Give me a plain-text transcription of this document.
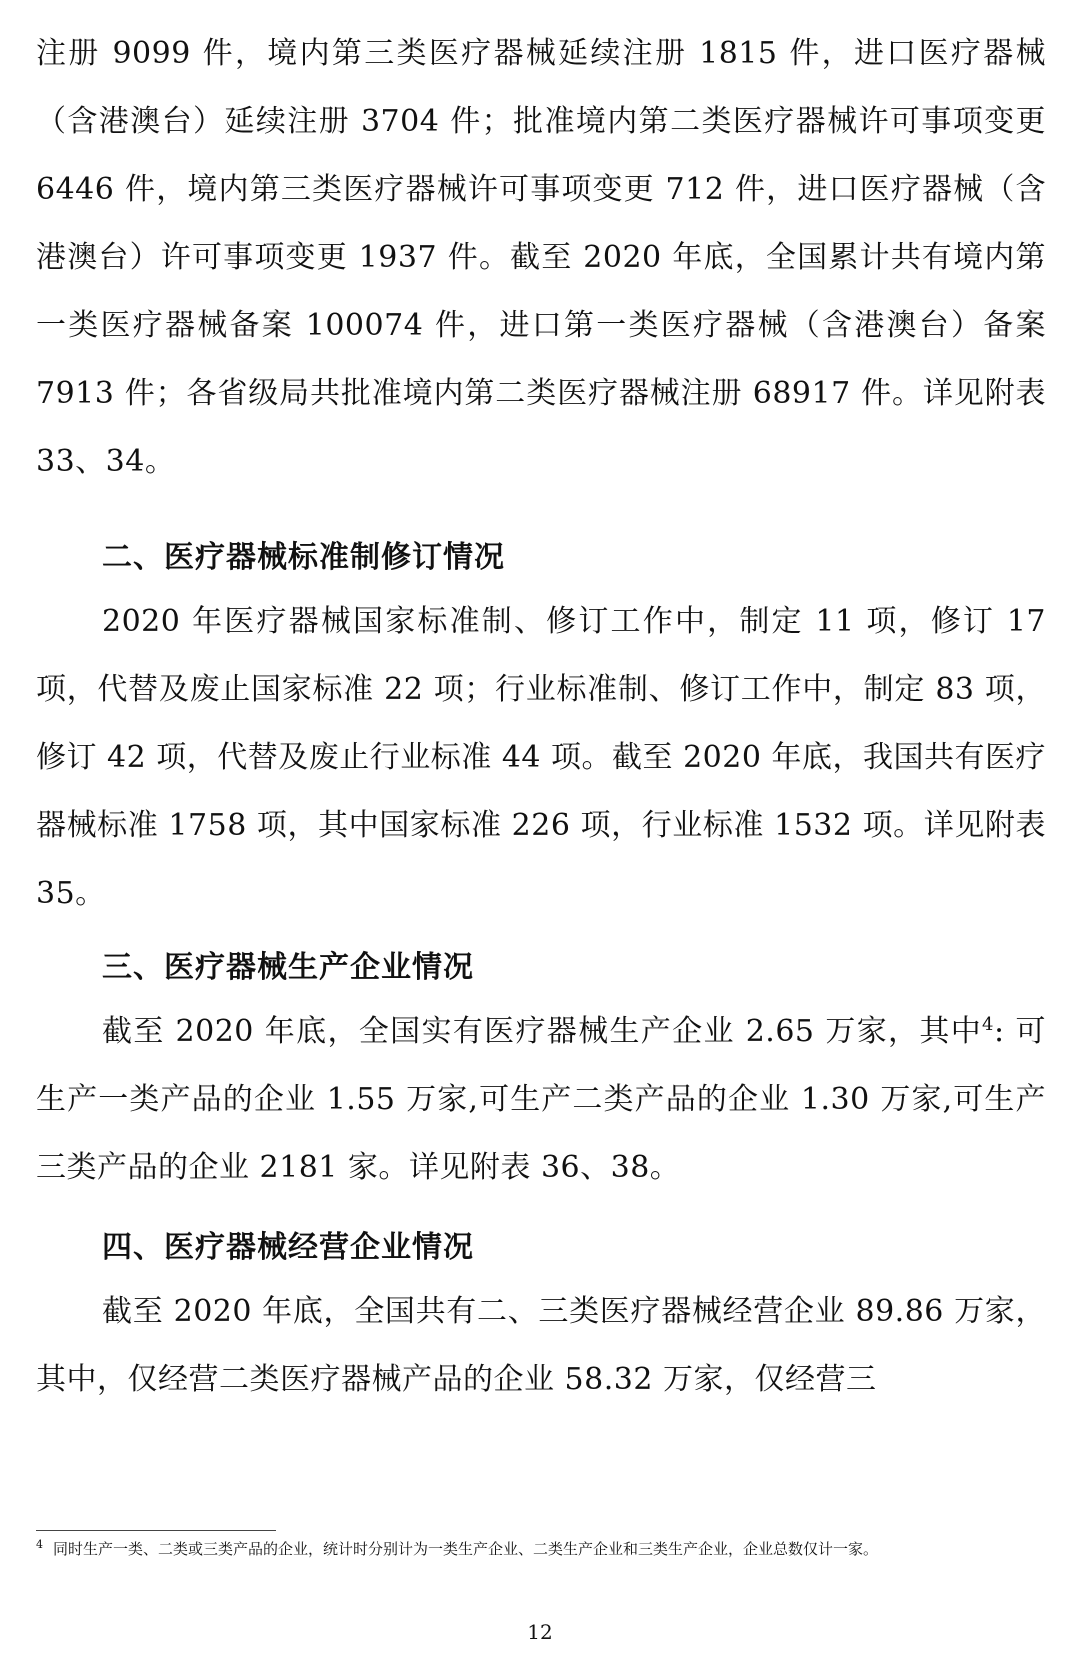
注册 9099 件，境内第三类医疗器械延续注册 1815 件，进口医疗器械（含港澳台）延续注册 3704 件；批准境内第二类医疗器械许可事项变更 6446 件，境内第三类医疗器械许可事项变更 712 件，进口医疗器械（含港澳台）许可事项变更 1937 件。截至 2020 年底，全国累计共有境内第一类医疗器械备案 100074 件，进口第一类医疗器械（含港澳台）备案 7913 件；各省级局共批准境内第二类医疗器械注册 68917 件。详见附表 33、34。

二、医疗器械标准制修订情况

2020 年医疗器械国家标准制、修订工作中，制定 11 项，修订 17 项，代替及废止国家标准 22 项；行业标准制、修订工作中，制定 83 项，修订 42 项，代替及废止行业标准 44 项。截至 2020 年底，我国共有医疗器械标准 1758 项，其中国家标准 226 项，行业标准 1532 项。详见附表 35。

三、医疗器械生产企业情况

截至 2020 年底，全国实有医疗器械生产企业 2.65 万家，其中$^4$: 可生产一类产品的企业 1.55 万家,可生产二类产品的企业 1.30 万家,可生产三类产品的企业 2181 家。详见附表 36、38。

四、医疗器械经营企业情况

截至 2020 年底，全国共有二、三类医疗器械经营企业 89.86 万家，其中，仅经营二类医疗器械产品的企业 58.32 万家，仅经营三

$^4$ 同时生产一类、二类或三类产品的企业，统计时分别计为一类生产企业、二类生产企业和三类生产企业，企业总数仅计一家。
12
